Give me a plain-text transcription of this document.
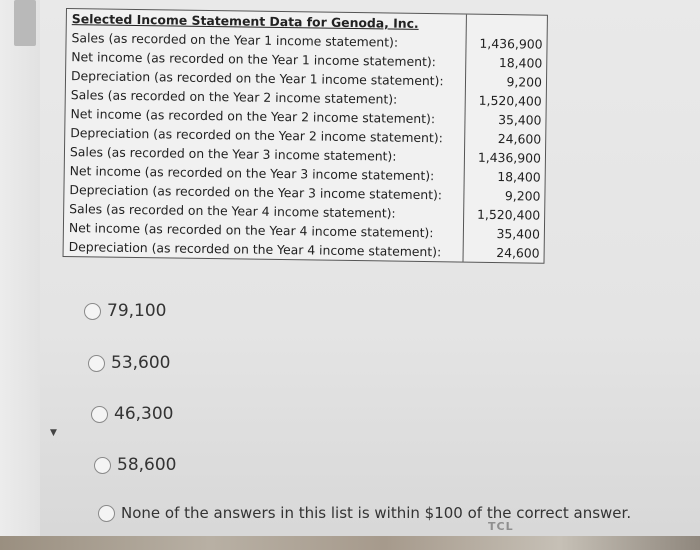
▼
Selected Income Statement Data for Genoda, Inc.
Sales (as recorded on the Year 1 income statement):
Net income (as recorded on the Year 1 income statement):
Depreciation (as recorded on the Year 1 income statement):
Sales (as recorded on the Year 2 income statement):
Net income (as recorded on the Year 2 income statement):
Depreciation (as recorded on the Year 2 income statement):
Sales (as recorded on the Year 3 income statement):
Net income (as recorded on the Year 3 income statement):
Depreciation (as recorded on the Year 3 income statement):
Sales (as recorded on the Year 4 income statement):
Net income (as recorded on the Year 4 income statement):
Depreciation (as recorded on the Year 4 income statement):
1,436,900
18,400
9,200
1,520,400
35,400
24,600
1,436,900
18,400
9,200
1,520,400
35,400
24,600
79,100
53,600
46,300
58,600
None of the answers in this list is within $100 of the correct answer.
TCL
